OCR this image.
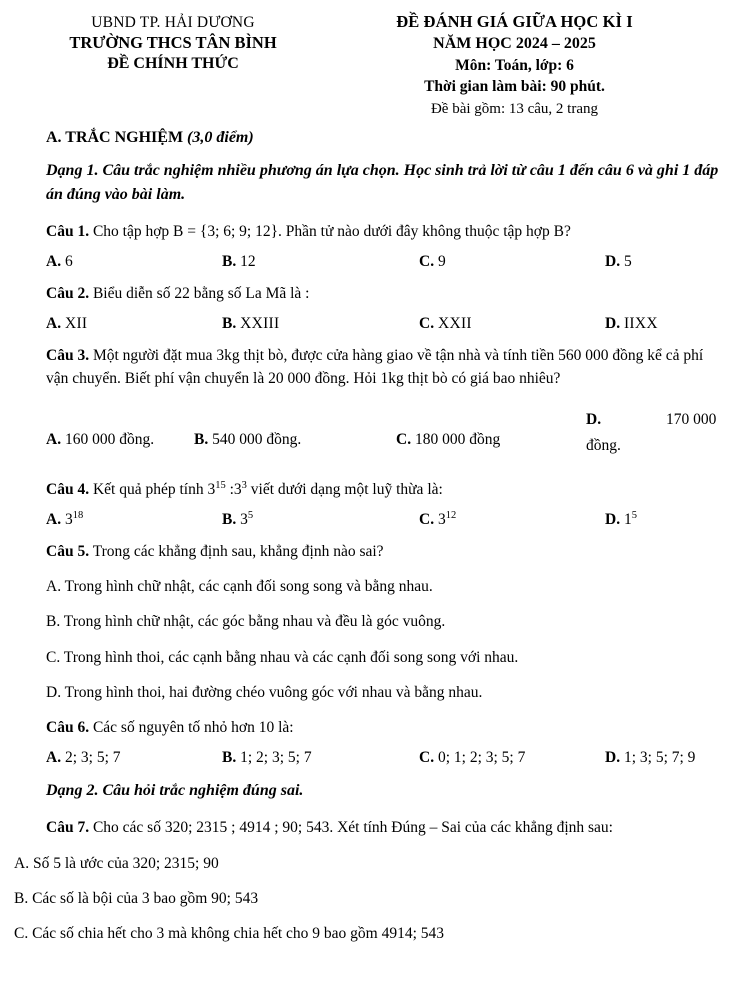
UBND TP. HẢI DƯƠNG
TRƯỜNG THCS TÂN BÌNH
ĐỀ CHÍNH THỨC
ĐỀ ĐÁNH GIÁ GIỮA HỌC KÌ I
NĂM HỌC 2024 – 2025
Môn: Toán, lớp: 6
Thời gian làm bài: 90 phút.
Đề bài gồm: 13 câu, 2 trang
A. TRẮC NGHIỆM (3,0 điểm)
Dạng 1. Câu trắc nghiệm nhiều phương án lựa chọn. Học sinh trả lời từ câu 1 đến câu 6 và ghi 1 đáp án đúng vào bài làm.
Câu 1. Cho tập hợp B = {3; 6; 9; 12}. Phần tử nào dưới đây không thuộc tập hợp B?
A. 6	B. 12	C. 9	D. 5
Câu 2. Biểu diễn số 22 bằng số La Mã là :
A. XII	B. XXIII	C. XXII	D. IIXX
Câu 3. Một người đặt mua 3kg thịt bò, được cửa hàng giao về tận nhà và tính tiền 560 000 đồng kể cả phí vận chuyển. Biết phí vận chuyển là 20 000 đồng. Hỏi 1kg thịt bò có giá bao nhiêu?
A. 160 000 đồng.	B. 540 000 đồng.	C. 180 000 đồng
D.	170 000
đồng.
Câu 4. Kết quả phép tính $3^{15}$ $:3^3$ viết dưới dạng một luỹ thừa là:
A. $3^{18}$	B. $3^5$	C. $3^{12}$	D. $1^5$
Câu 5. Trong các khẳng định sau, khẳng định nào sai?
A. Trong hình chữ nhật, các cạnh đối song song và bằng nhau.
B. Trong hình chữ nhật, các góc bằng nhau và đều là góc vuông.
C. Trong hình thoi, các cạnh bằng nhau và các cạnh đối song song với nhau.
D. Trong hình thoi, hai đường chéo vuông góc với nhau và bằng nhau.
Câu 6. Các số nguyên tố nhỏ hơn 10 là:
A. 2; 3; 5; 7	B. 1; 2; 3; 5; 7	C. 0; 1; 2; 3; 5; 7	D. 1; 3; 5; 7; 9
Dạng 2. Câu hỏi trắc nghiệm đúng sai.
Câu 7. Cho các số 320; 2315 ; 4914 ; 90; 543. Xét tính Đúng – Sai của các khẳng định sau:
A. Số 5 là ước của 320; 2315; 90
B. Các số là bội của 3 bao gồm 90; 543
C. Các số chia hết cho 3 mà không chia hết cho 9 bao gồm 4914; 543
